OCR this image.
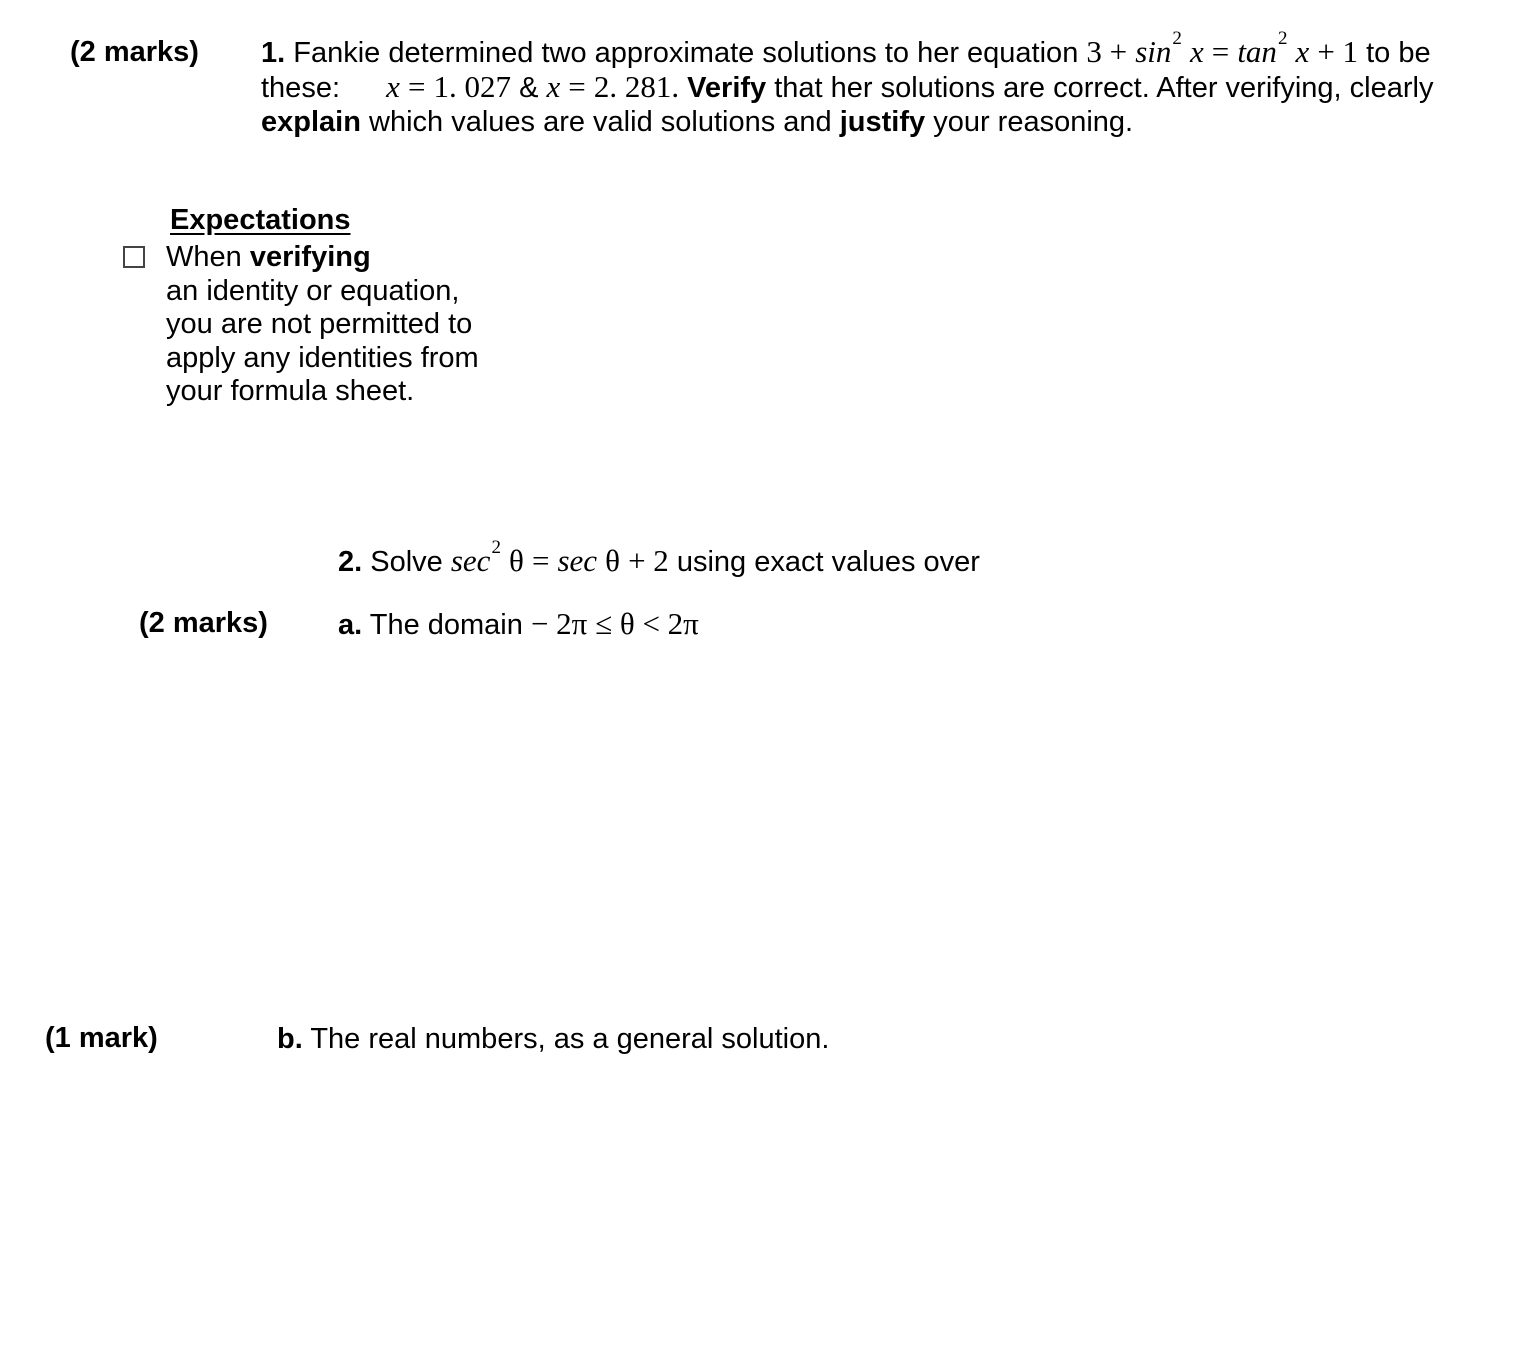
(2 marks) 1. Fankie determined two approximate solutions to her equation $3 + \sin^2 x = \tan^2 x + 1$ to be
these: x = 1. 027 & x = 2. 281. Verify that her solutions are correct. After verifying, clearly
explain which values are valid solutions and justify your reasoning.
Expectations
When verifying
an identity or equation,
you are not permitted to
apply any identities from
your formula sheet.
2. Solve $\sec^2 \theta = \sec \theta + 2$ using exact values over
(2 marks) a. The domain − 2π ≤ θ < 2π
(1 mark)	b. The real numbers, as a general solution.
